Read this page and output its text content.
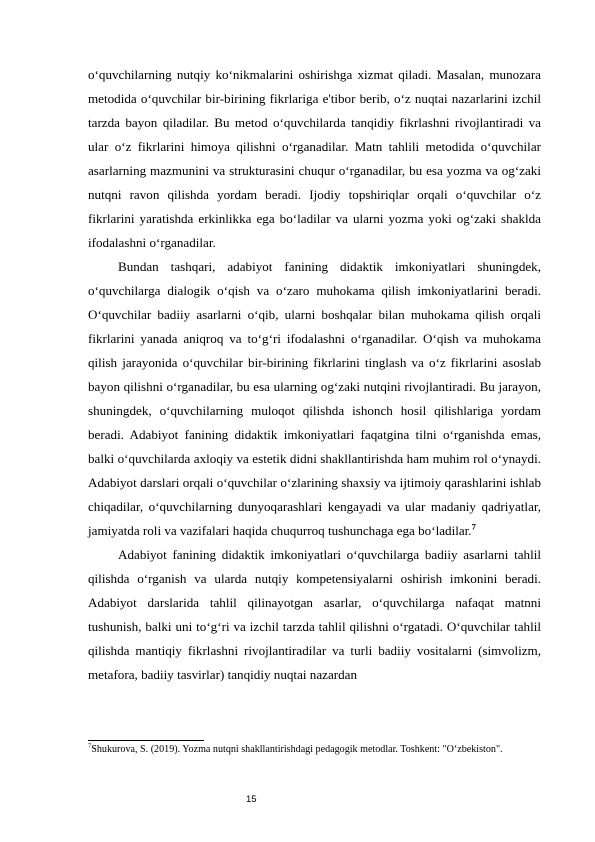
o‘quvchilarning nutqiy ko‘nikmalarini oshirishga xizmat qiladi. Masalan, munozara metodida o‘quvchilar bir-birining fikrlariga e'tibor berib, o‘z nuqtai nazarlarini izchil tarzda bayon qiladilar. Bu metod o‘quvchilarda tanqidiy fikrlashni rivojlantiradi va ular o‘z fikrlarini himoya qilishni o‘rganadilar. Matn tahlili metodida o‘quvchilar asarlarning mazmunini va strukturasini chuqur o‘rganadilar, bu esa yozma va og‘zaki nutqni ravon qilishda yordam beradi. Ijodiy topshiriqlar orqali o‘quvchilar o‘z fikrlarini yaratishda erkinlikka ega bo‘ladilar va ularni yozma yoki og‘zaki shaklda ifodalashni o‘rganadilar.

Bundan tashqari, adabiyot fanining didaktik imkoniyatlari shuningdek, o‘quvchilarga dialogik o‘qish va o‘zaro muhokama qilish imkoniyatlarini beradi. O‘quvchilar badiiy asarlarni o‘qib, ularni boshqalar bilan muhokama qilish orqali fikrlarini yanada aniqroq va to‘g‘ri ifodalashni o‘rganadilar. O‘qish va muhokama qilish jarayonida o‘quvchilar bir-birining fikrlarini tinglash va o‘z fikrlarini asoslab bayon qilishni o‘rganadilar, bu esa ularning og‘zaki nutqini rivojlantiradi. Bu jarayon, shuningdek, o‘quvchilarning muloqot qilishda ishonch hosil qilishlariga yordam beradi. Adabiyot fanining didaktik imkoniyatlari faqatgina tilni o‘rganishda emas, balki o‘quvchilarda axloqiy va estetik didni shakllantirishda ham muhim rol o‘ynaydi. Adabiyot darslari orqali o‘quvchilar o‘zlarining shaxsiy va ijtimoiy qarashlarini ishlab chiqadilar, o‘quvchilarning dunyoqarashlari kengayadi va ular madaniy qadriyatlar, jamiyatda roli va vazifalari haqida chuqurroq tushunchaga ega bo‘ladilar.$^7$

Adabiyot fanining didaktik imkoniyatlari o‘quvchilarga badiiy asarlarni tahlil qilishda o‘rganish va ularda nutqiy kompetensiyalarni oshirish imkonini beradi. Adabiyot darslarida tahlil qilinayotgan asarlar, o‘quvchilarga nafaqat matnni tushunish, balki uni to‘g‘ri va izchil tarzda tahlil qilishni o‘rgatadi. O‘quvchilar tahlil qilishda mantiqiy fikrlashni rivojlantiradilar va turli badiiy vositalarni (simvolizm, metafora, badiiy tasvirlar) tanqidiy nuqtai nazardan

$^7$Shukurova, S. (2019). Yozma nutqni shakllantirishdagi pedagogik metodlar. Toshkent: "O‘zbekiston".

15
